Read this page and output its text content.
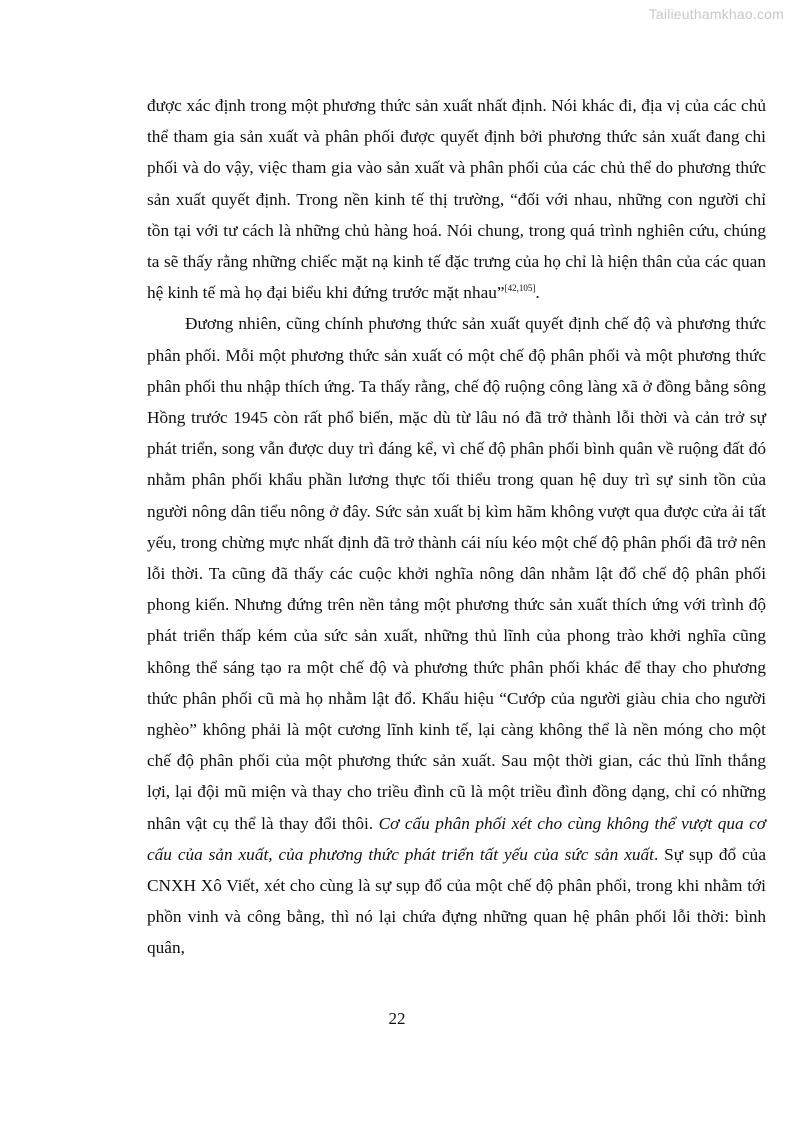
Tailieuthamkhao.com

được xác định trong một phương thức sản xuất nhất định. Nói khác đi, địa vị của các chủ thể tham gia sản xuất và phân phối được quyết định bởi phương thức sản xuất đang chi phối và do vậy, việc tham gia vào sản xuất và phân phối của các chủ thể do phương thức sản xuất quyết định. Trong nền kinh tế thị trường, “đối với nhau, những con người chỉ tồn tại với tư cách là những chủ hàng hoá. Nói chung, trong quá trình nghiên cứu, chúng ta sẽ thấy rằng những chiếc mặt nạ kinh tế đặc trưng của họ chỉ là hiện thân của các quan hệ kinh tế mà họ đại biểu khi đứng trước mặt nhau”[42,105].

Đương nhiên, cũng chính phương thức sản xuất quyết định chế độ và phương thức phân phối. Mỗi một phương thức sản xuất có một chế độ phân phối và một phương thức phân phối thu nhập thích ứng. Ta thấy rằng, chế độ ruộng công làng xã ở đồng bằng sông Hồng trước 1945 còn rất phổ biến, mặc dù từ lâu nó đã trở thành lỗi thời và cản trở sự phát triển, song vẫn được duy trì đáng kể, vì chế độ phân phối bình quân về ruộng đất đó nhằm phân phối khẩu phần lương thực tối thiểu trong quan hệ duy trì sự sinh tồn của người nông dân tiểu nông ở đây. Sức sản xuất bị kìm hãm không vượt qua được cửa ải tất yếu, trong chừng mực nhất định đã trở thành cái níu kéo một chế độ phân phối đã trở nên lỗi thời. Ta cũng đã thấy các cuộc khởi nghĩa nông dân nhằm lật đổ chế độ phân phối phong kiến. Nhưng đứng trên nền tảng một phương thức sản xuất thích ứng với trình độ phát triển thấp kém của sức sản xuất, những thủ lĩnh của phong trào khởi nghĩa cũng không thể sáng tạo ra một chế độ và phương thức phân phối khác để thay cho phương thức phân phối cũ mà họ nhằm lật đổ. Khẩu hiệu “Cướp của người giàu chia cho người nghèo” không phải là một cương lĩnh kinh tế, lại càng không thể là nền móng cho một chế độ phân phối của một phương thức sản xuất. Sau một thời gian, các thủ lĩnh thắng lợi, lại đội mũ miện và thay cho triều đình cũ là một triều đình đồng dạng, chỉ có những nhân vật cụ thể là thay đổi thôi. Cơ cấu phân phối xét cho cùng không thể vượt qua cơ cấu của sản xuất, của phương thức phát triển tất yếu của sức sản xuất. Sự sụp đổ của CNXH Xô Viết, xét cho cùng là sự sụp đổ của một chế độ phân phối, trong khi nhằm tới phồn vinh và công bằng, thì nó lại chứa đựng những quan hệ phân phối lỗi thời: bình quân,

22
